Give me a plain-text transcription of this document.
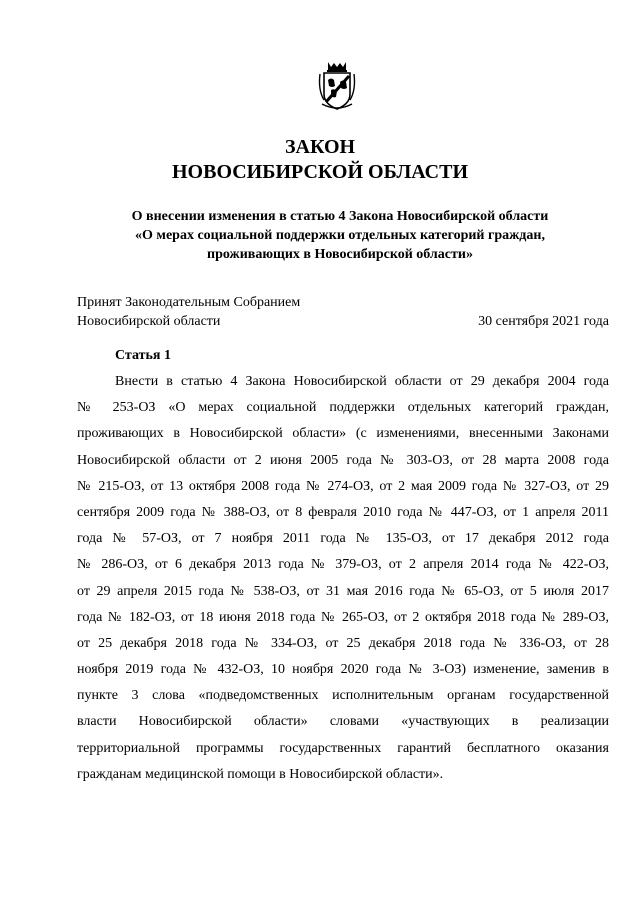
ЗАКОН
НОВОСИБИРСКОЙ ОБЛАСТИ
О внесении изменения в статью 4 Закона Новосибирской области
«О мерах социальной поддержки отдельных категорий граждан,
проживающих в Новосибирской области»
Принят Законодательным Собранием
Новосибирской области	30 сентября 2021 года
Статья 1
Внести в статью 4 Закона Новосибирской области от 29 декабря 2004 года
№ 253-ОЗ «О мерах социальной поддержки отдельных категорий граждан,
проживающих в Новосибирской области» (с изменениями, внесенными Законами
Новосибирской области от 2 июня 2005 года № 303-ОЗ, от 28 марта 2008 года
№ 215-ОЗ, от 13 октября 2008 года № 274-ОЗ, от 2 мая 2009 года № 327-ОЗ, от 29
сентября 2009 года № 388-ОЗ, от 8 февраля 2010 года № 447-ОЗ, от 1 апреля 2011
года № 57-ОЗ, от 7 ноября 2011 года № 135-ОЗ, от 17 декабря 2012 года
№ 286-ОЗ, от 6 декабря 2013 года № 379-ОЗ, от 2 апреля 2014 года № 422-ОЗ,
от 29 апреля 2015 года № 538-ОЗ, от 31 мая 2016 года № 65-ОЗ, от 5 июля 2017
года № 182-ОЗ, от 18 июня 2018 года № 265-ОЗ, от 2 октября 2018 года № 289-ОЗ,
от 25 декабря 2018 года № 334-ОЗ, от 25 декабря 2018 года № 336-ОЗ, от 28
ноября 2019 года № 432-ОЗ, 10 ноября 2020 года № 3-ОЗ) изменение, заменив в
пункте 3 слова «подведомственных исполнительным органам государственной
власти Новосибирской области» словами «участвующих в реализации
территориальной программы государственных гарантий бесплатного оказания
гражданам медицинской помощи в Новосибирской области».
